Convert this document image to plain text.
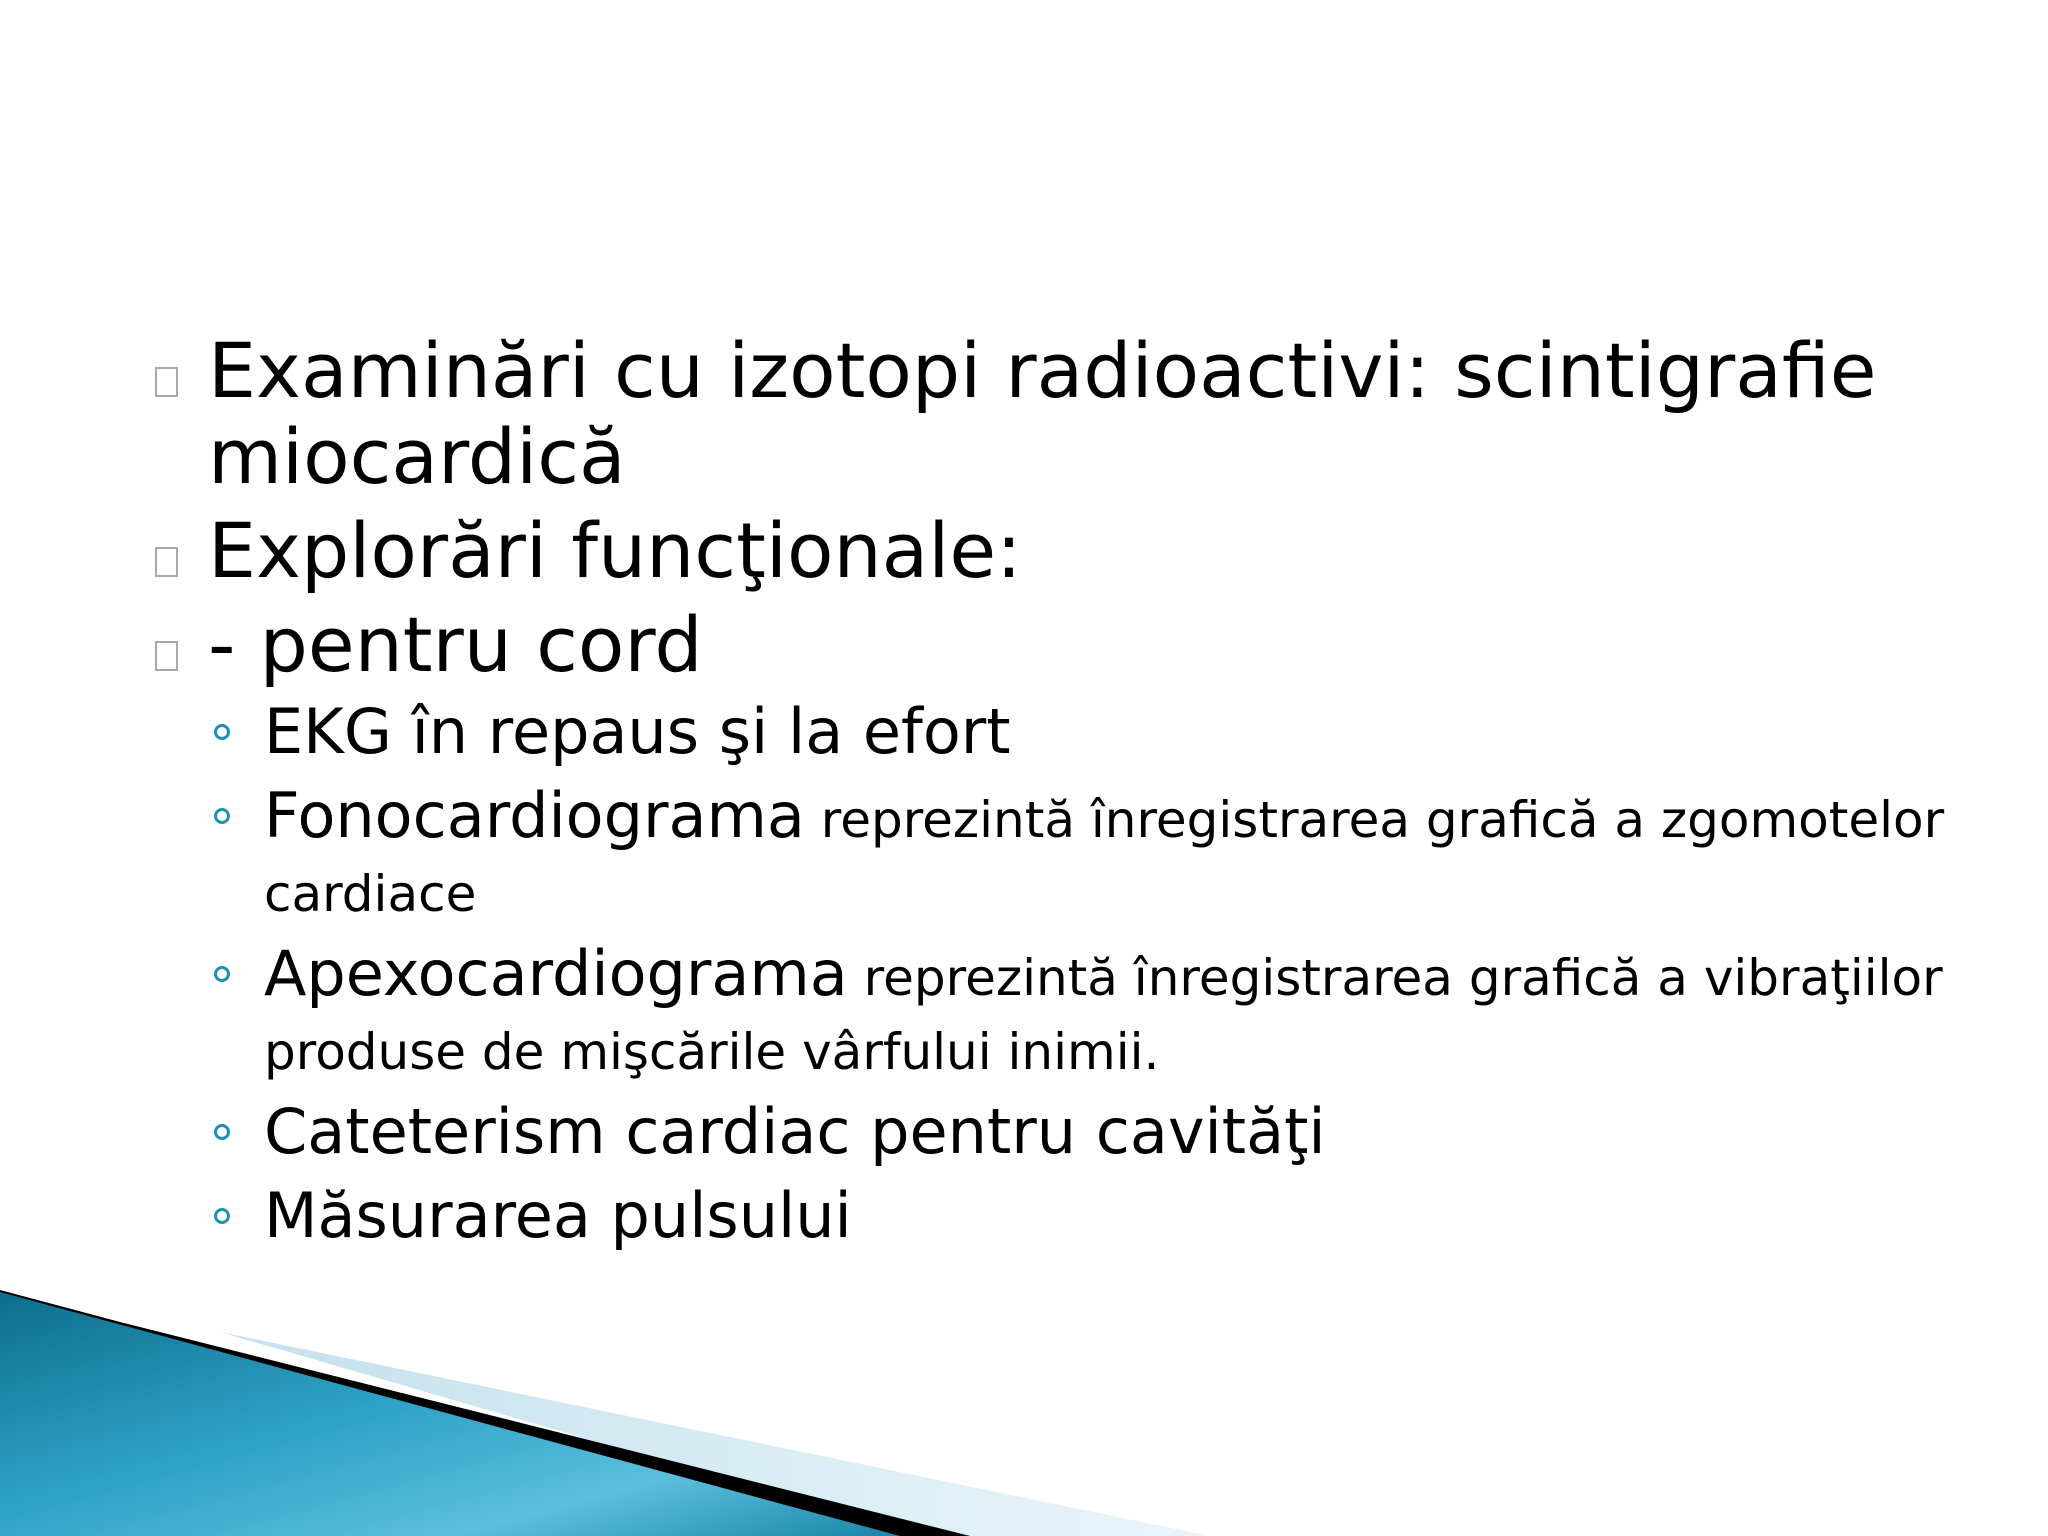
Examinări cu izotopi radioactivi: scintigrafie miocardică
Explorări funcţionale:
- pentru cord
EKG în repaus şi la efort
Fonocardiograma reprezintă înregistrarea grafică a zgomotelor cardiace
Apexocardiograma reprezintă înregistrarea grafică a vibraţiilor produse de mişcările vârfului inimii.
Cateterism cardiac pentru cavităţi
Măsurarea pulsului
